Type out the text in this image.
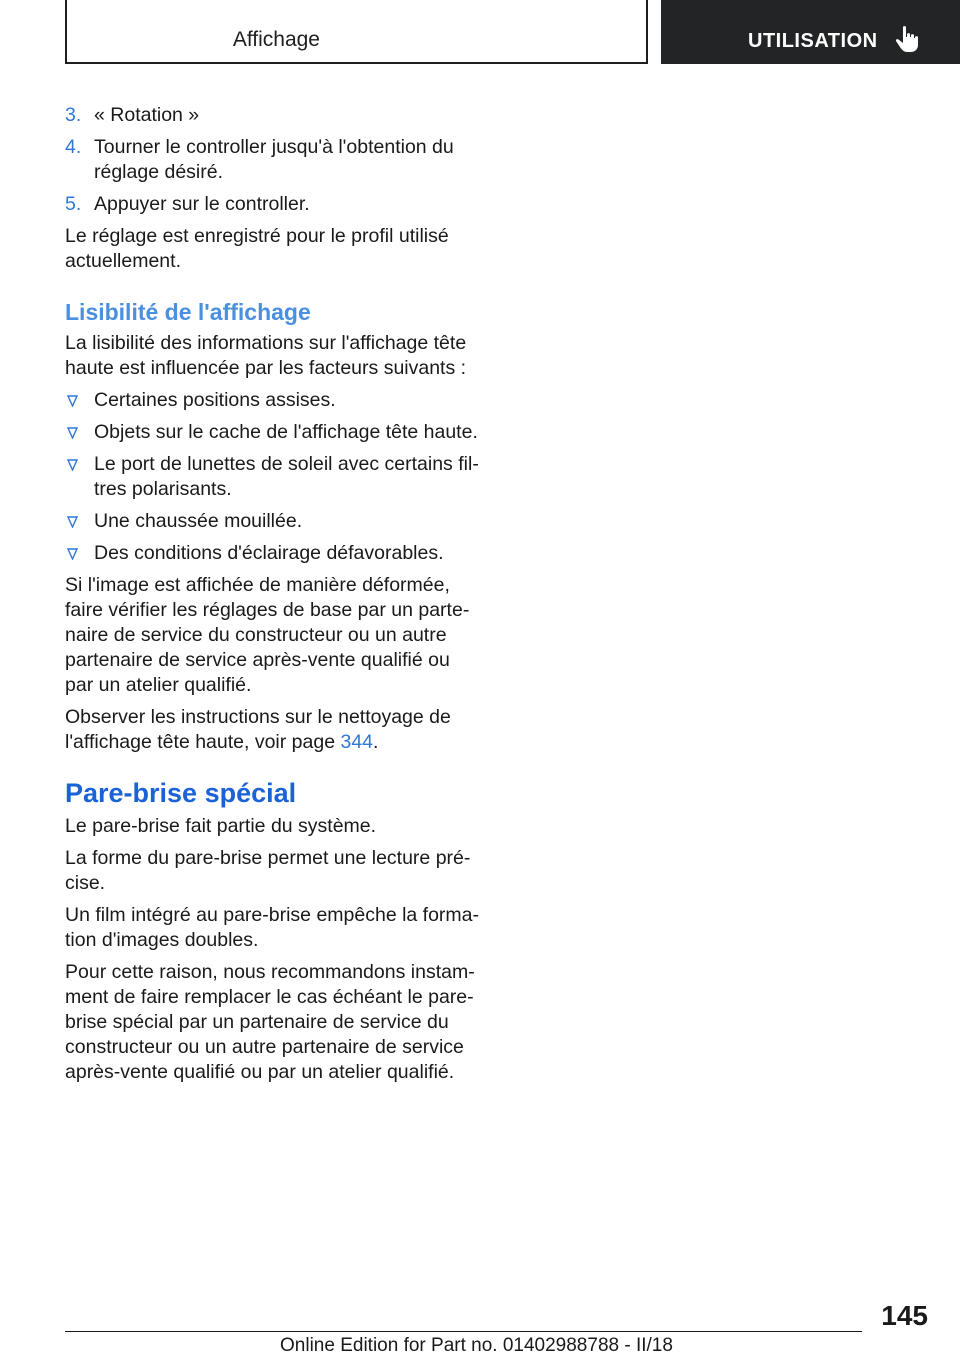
Affichage	UTILISATION
3. « Rotation »
4. Tourner le controller jusqu'à l'obtention du réglage désiré.
5. Appuyer sur le controller.

Le réglage est enregistré pour le profil utilisé actuellement.

Lisibilité de l'affichage

La lisibilité des informations sur l'affichage tête haute est influencée par les facteurs suivants :

Certaines positions assises.
Objets sur le cache de l'affichage tête haute.
Le port de lunettes de soleil avec certains filtres polarisants.
Une chaussée mouillée.
Des conditions d'éclairage défavorables.

Si l'image est affichée de manière déformée, faire vérifier les réglages de base par un partenaire de service du constructeur ou un autre partenaire de service après-vente qualifié ou par un atelier qualifié.

Observer les instructions sur le nettoyage de l'affichage tête haute, voir page 344.

Pare-brise spécial

Le pare-brise fait partie du système.

La forme du pare-brise permet une lecture précise.

Un film intégré au pare-brise empêche la formation d'images doubles.

Pour cette raison, nous recommandons instamment de faire remplacer le cas échéant le pare-brise spécial par un partenaire de service du constructeur ou un autre partenaire de service après-vente qualifié ou par un atelier qualifié.

145
Online Edition for Part no. 01402988788 - II/18
